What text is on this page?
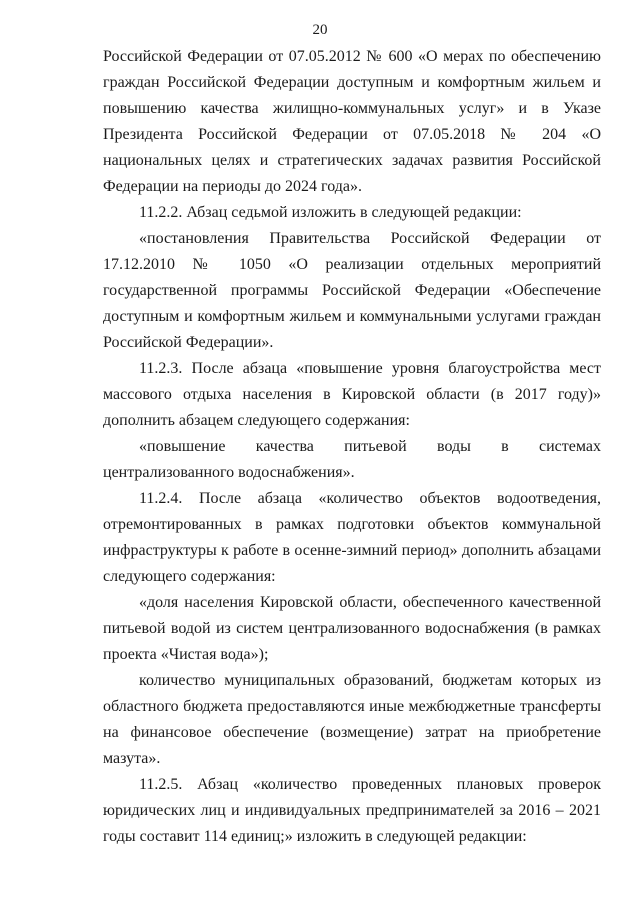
20

Российской Федерации от 07.05.2012 № 600 «О мерах по обеспечению граждан Российской Федерации доступным и комфортным жильем и повышению качества жилищно-коммунальных услуг» и в Указе Президента Российской Федерации от 07.05.2018 № 204 «О национальных целях и стратегических задачах развития Российской Федерации на периоды до 2024 года».

11.2.2. Абзац седьмой изложить в следующей редакции:

«постановления Правительства Российской Федерации от 17.12.2010 № 1050 «О реализации отдельных мероприятий государственной программы Российской Федерации «Обеспечение доступным и комфортным жильем и коммунальными услугами граждан Российской Федерации».

11.2.3. После абзаца «повышение уровня благоустройства мест массового отдыха населения в Кировской области (в 2017 году)» дополнить абзацем следующего содержания:

«повышение качества питьевой воды в системах централизованного водоснабжения».

11.2.4. После абзаца «количество объектов водоотведения, отремонтированных в рамках подготовки объектов коммунальной инфраструктуры к работе в осенне-зимний период» дополнить абзацами следующего содержания:

«доля населения Кировской области, обеспеченного качественной питьевой водой из систем централизованного водоснабжения (в рамках проекта «Чистая вода»);

количество муниципальных образований, бюджетам которых из областного бюджета предоставляются иные межбюджетные трансферты на финансовое обеспечение (возмещение) затрат на приобретение мазута».

11.2.5. Абзац «количество проведенных плановых проверок юридических лиц и индивидуальных предпринимателей за 2016 – 2021 годы составит 114 единиц;» изложить в следующей редакции:
